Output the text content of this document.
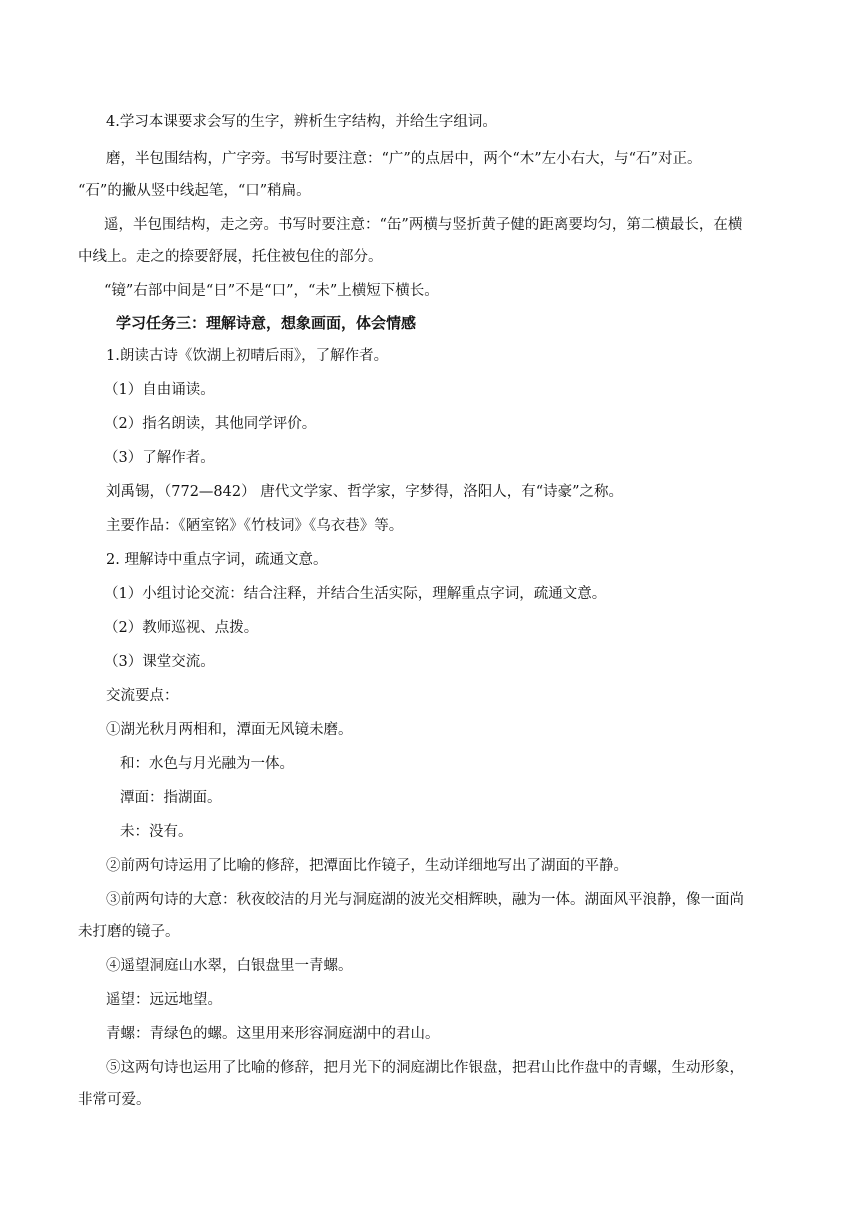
4.学习本课要求会写的生字，辨析生字结构，并给生字组词。
磨，半包围结构，广字旁。书写时要注意：“广”的点居中，两个“木”左小右大，与“石”对正。
“石”的撇从竖中线起笔，“口”稍扁。
遥，半包围结构，走之旁。书写时要注意：“缶”两横与竖折黄子健的距离要均匀，第二横最长，在横
中线上。走之的捺要舒展，托住被包住的部分。
“镜”右部中间是“日”不是“口”，“未”上横短下横长。
学习任务三：理解诗意，想象画面，体会情感
1.朗读古诗《饮湖上初晴后雨》，了解作者。
（1）自由诵读。
（2）指名朗读，其他同学评价。
（3）了解作者。
刘禹锡，（772—842） 唐代文学家、哲学家，字梦得，洛阳人，有“诗豪”之称。
主要作品：《陋室铭》《竹枝词》《乌衣巷》等。
2. 理解诗中重点字词，疏通文意。
（1）小组讨论交流：结合注释，并结合生活实际，理解重点字词，疏通文意。
（2）教师巡视、点拨。
（3）课堂交流。
交流要点：
①湖光秋月两相和，潭面无风镜未磨。
和：水色与月光融为一体。
潭面：指湖面。
未：没有。
②前两句诗运用了比喻的修辞，把潭面比作镜子，生动详细地写出了湖面的平静。
③前两句诗的大意：秋夜皎洁的月光与洞庭湖的波光交相辉映，融为一体。湖面风平浪静，像一面尚
未打磨的镜子。
④遥望洞庭山水翠，白银盘里一青螺。
遥望：远远地望。
青螺：青绿色的螺。这里用来形容洞庭湖中的君山。
⑤这两句诗也运用了比喻的修辞，把月光下的洞庭湖比作银盘，把君山比作盘中的青螺，生动形象，
非常可爱。
